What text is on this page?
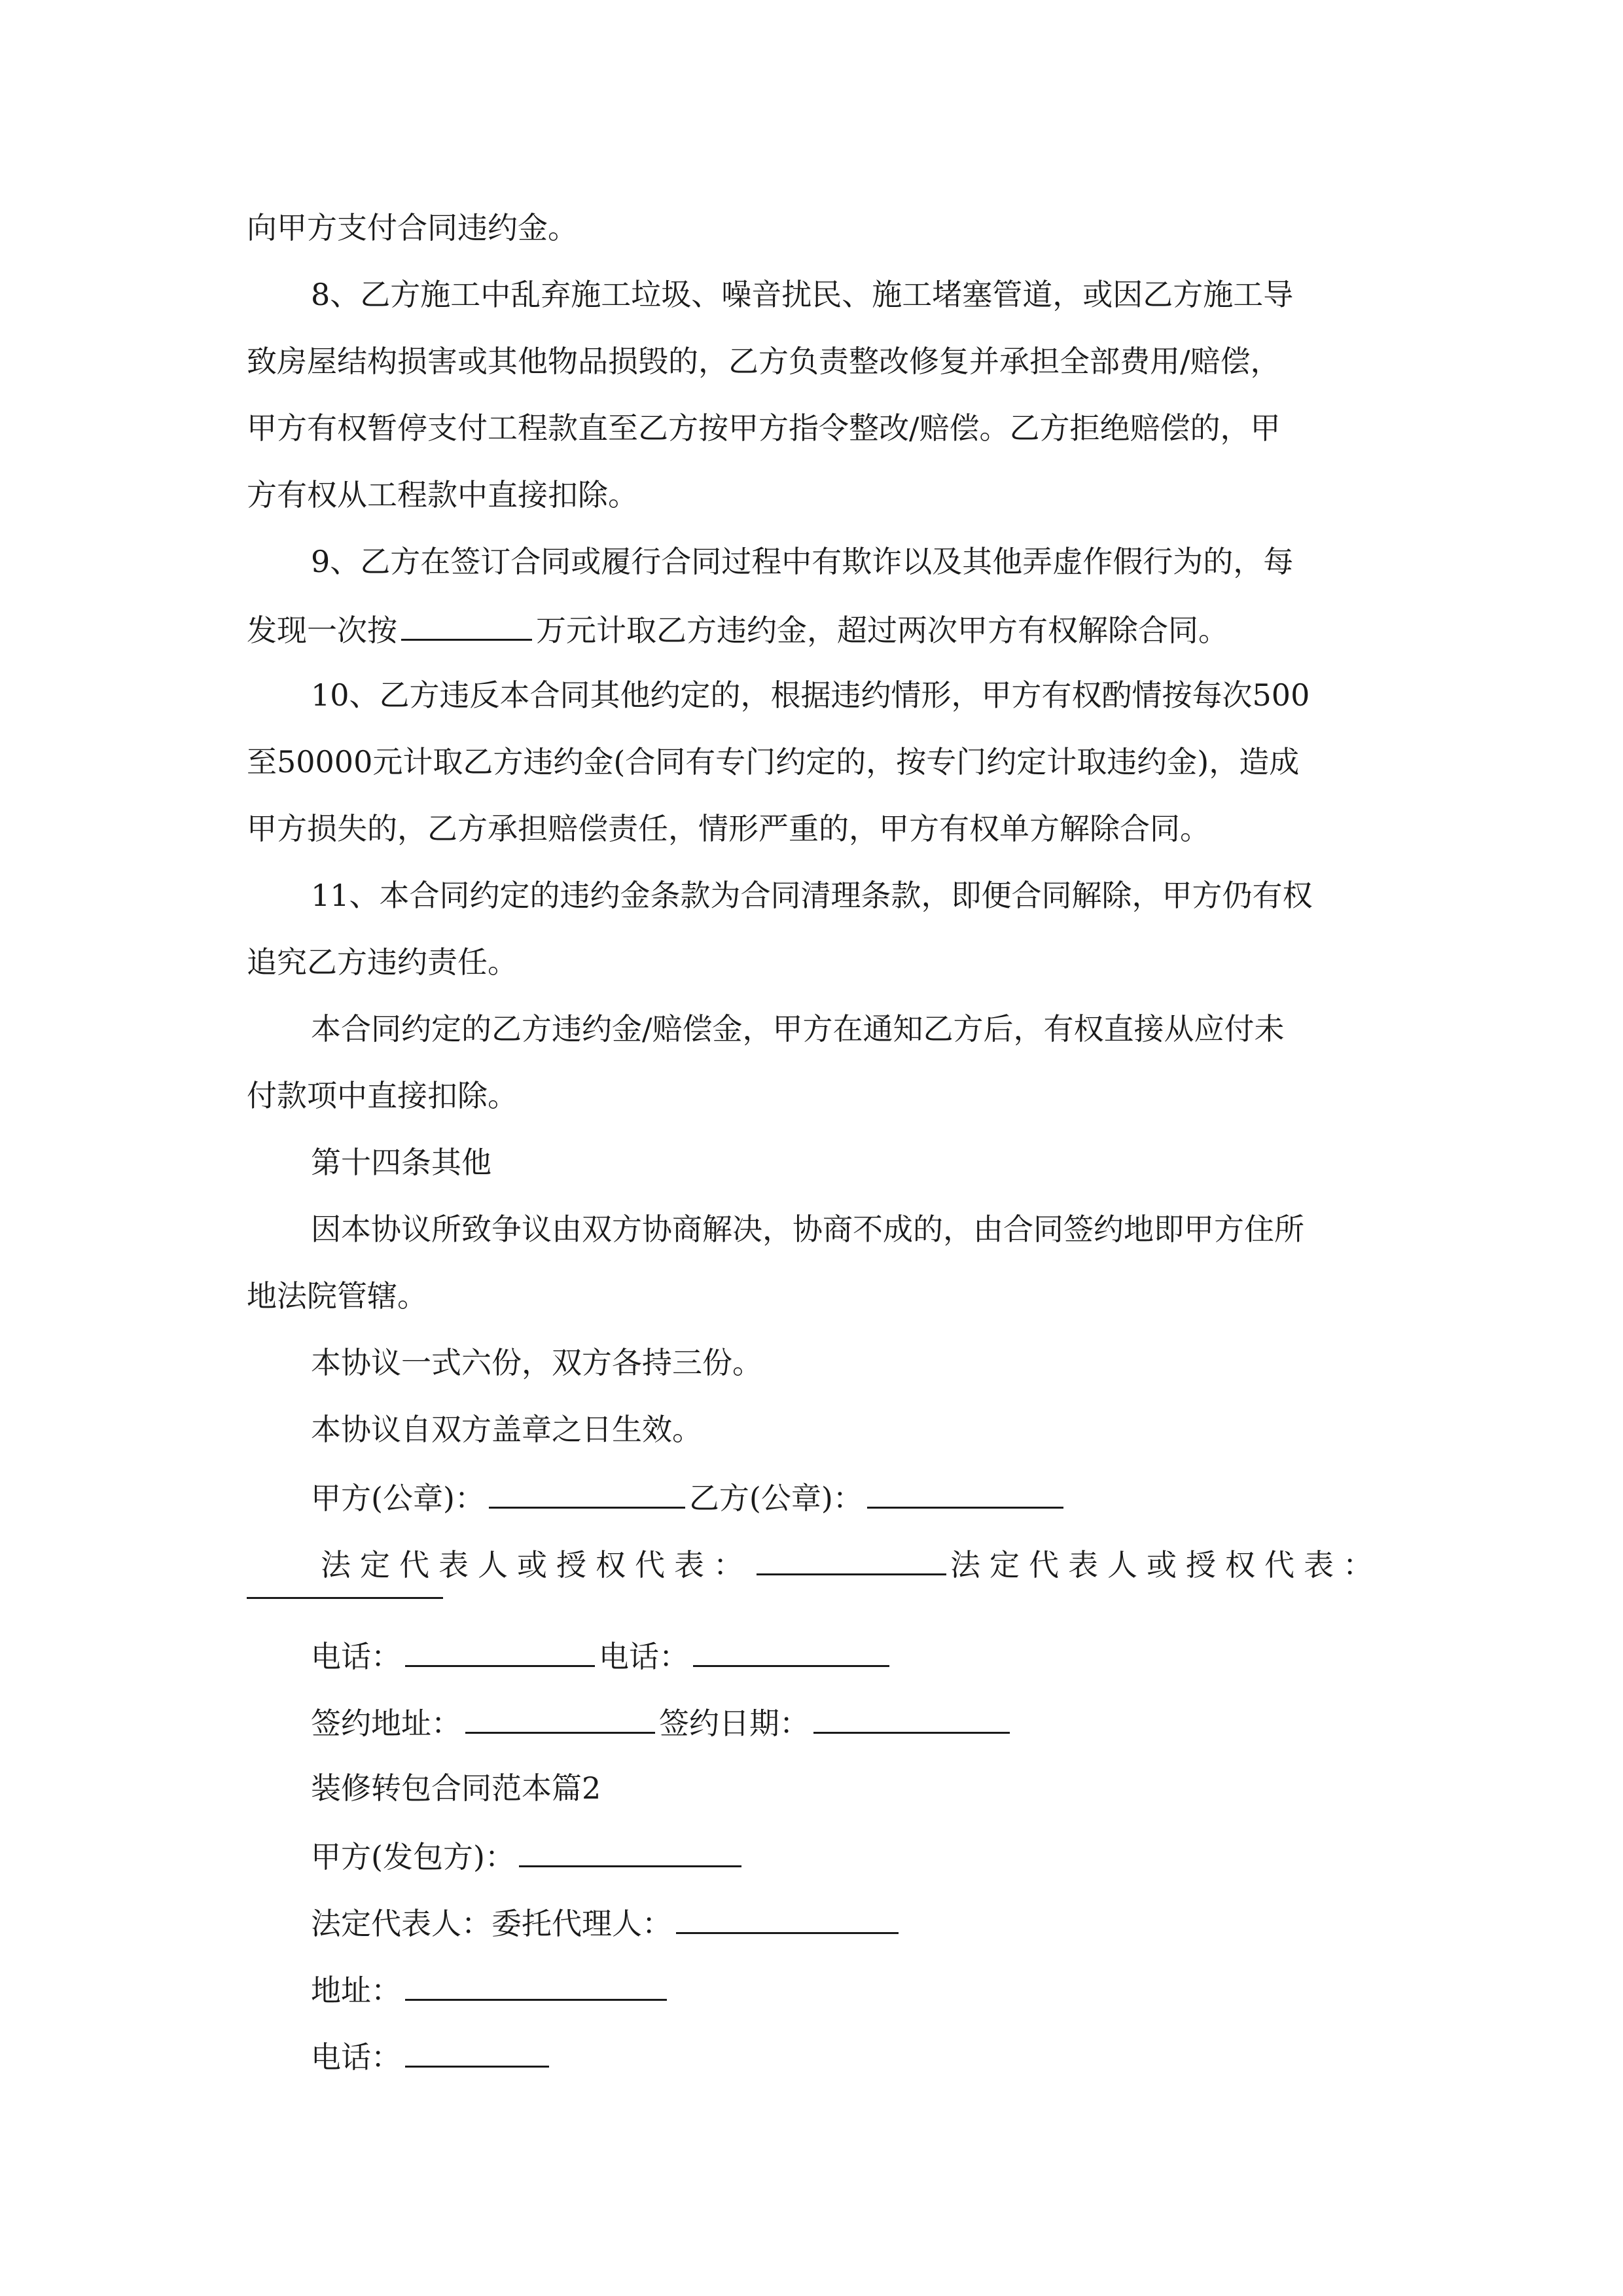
向甲方支付合同违约金。
8、乙方施工中乱弃施工垃圾、噪音扰民、施工堵塞管道，或因乙方施工导
致房屋结构损害或其他物品损毁的，乙方负责整改修复并承担全部费用/赔偿，
甲方有权暂停支付工程款直至乙方按甲方指令整改/赔偿。乙方拒绝赔偿的，甲
方有权从工程款中直接扣除。
9、乙方在签订合同或履行合同过程中有欺诈以及其他弄虚作假行为的，每
发现一次按	万元计取乙方违约金，超过两次甲方有权解除合同。
10、乙方违反本合同其他约定的，根据违约情形，甲方有权酌情按每次500
至50000元计取乙方违约金(合同有专门约定的，按专门约定计取违约金)，造成
甲方损失的，乙方承担赔偿责任，情形严重的，甲方有权单方解除合同。
11、本合同约定的违约金条款为合同清理条款，即便合同解除，甲方仍有权
追究乙方违约责任。
本合同约定的乙方违约金/赔偿金，甲方在通知乙方后，有权直接从应付未
付款项中直接扣除。
第十四条其他
因本协议所致争议由双方协商解决，协商不成的，由合同签约地即甲方住所
地法院管辖。
本协议一式六份，双方各持三份。
本协议自双方盖章之日生效。
甲方(公章)：	乙方(公章)：
法定代表人或授权代表：	法定代表人或授权代表：
电话：	电话：
签约地址：	签约日期：
装修转包合同范本篇2
甲方(发包方)：
法定代表人：委托代理人：
地址：
电话：
